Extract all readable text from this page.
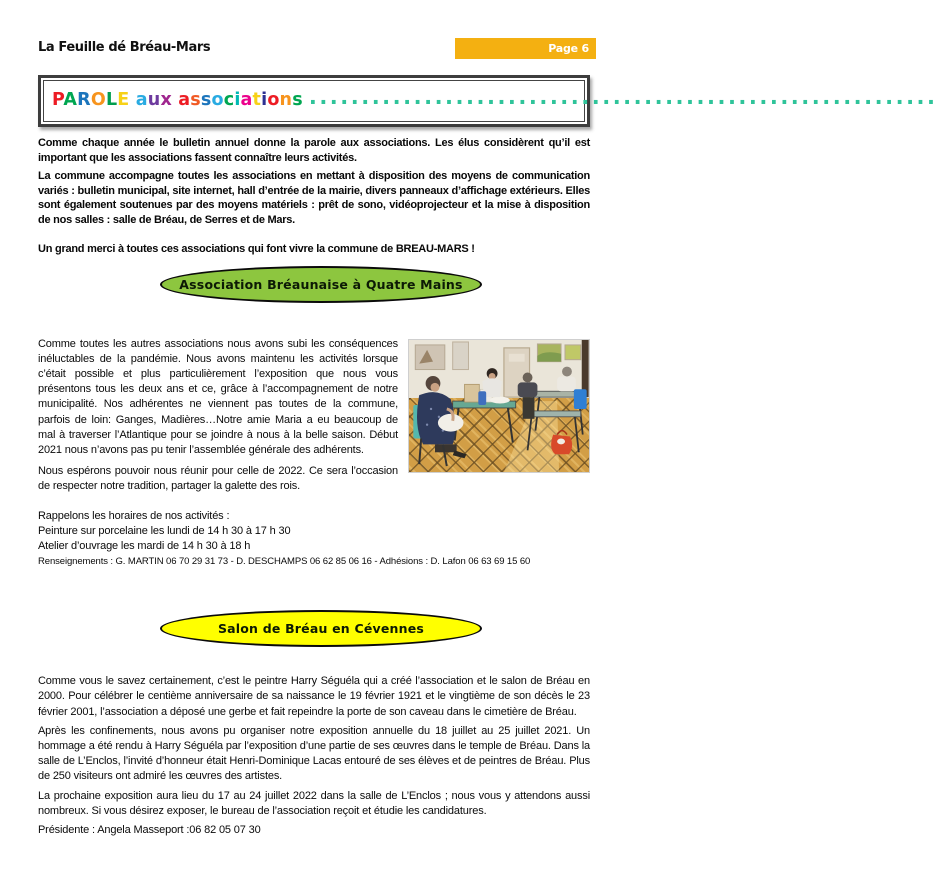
La Feuille dé Bréau-Mars	Page 6
PAROLE aux associations ............................................................

Comme chaque année le bulletin annuel donne la parole aux associations. Les élus considèrent qu’il est important que les associations fassent connaître leurs activités.

La commune accompagne toutes les associations en mettant à disposition des moyens de communication variés : bulletin municipal, site internet, hall d’entrée de la mairie, divers panneaux d’affichage extérieurs. Elles sont également soutenues par des moyens matériels : prêt de sono, vidéoprojecteur et la mise à disposition de nos salles : salle de Bréau, de Serres et de Mars.

Un grand merci à toutes ces associations qui font vivre la commune de BREAU-MARS !

Association Bréaunaise à Quatre Mains

Comme toutes les autres associations nous avons subi les conséquences inéluctables de la pandémie. Nous avons maintenu les activités lorsque c’était possible et plus particulièrement l’exposition que nous vous présentons tous les deux ans et ce, grâce à l’accompagnement de notre municipalité. Nos adhérentes ne viennent pas toutes de la commune, parfois de loin: Ganges, Madières…Notre amie Maria a eu beaucoup de mal à traverser l’Atlantique pour se joindre à nous à la belle saison. Début 2021 nous n’avons pas pu tenir l’assemblée générale des adhérents.

Nous espérons pouvoir nous réunir pour celle de 2022. Ce sera l’occasion de respecter notre tradition, partager la galette des rois.

Rappelons les horaires de nos activités :
Peinture sur porcelaine les lundi de 14 h 30 à 17 h 30
Atelier d’ouvrage les mardi de 14 h 30 à 18 h
Renseignements : G. MARTIN 06 70 29 31 73 - D. DESCHAMPS 06 62 85 06 16 - Adhésions : D. Lafon 06 63 69 15 60
Salon de Bréau en Cévennes

Comme vous le savez certainement, c’est le peintre Harry Séguéla qui a créé l’association et le salon de Bréau en 2000. Pour célébrer le centième anniversaire de sa naissance le 19 février 1921 et le vingtième de son décès le 23 février 2001, l’association a déposé une gerbe et fait repeindre la porte de son caveau dans le cimetière de Bréau.

Après les confinements, nous avons pu organiser notre exposition annuelle du 18 juillet au 25 juillet 2021. Un hommage a été rendu à Harry Séguéla par l’exposition d’une partie de ses œuvres dans le temple de Bréau. Dans la salle de L’Enclos, l’invité d’honneur était Henri-Dominique Lacas entouré de ses élèves et de peintres de Bréau. Plus de 250 visiteurs ont admiré les œuvres des artistes.

La prochaine exposition aura lieu du 17 au 24 juillet 2022 dans la salle de L’Enclos ; nous vous y attendons aussi nombreux. Si vous désirez exposer, le bureau de l’association reçoit et étudie les candidatures.

Présidente : Angela Masseport :06 82 05 07 30
